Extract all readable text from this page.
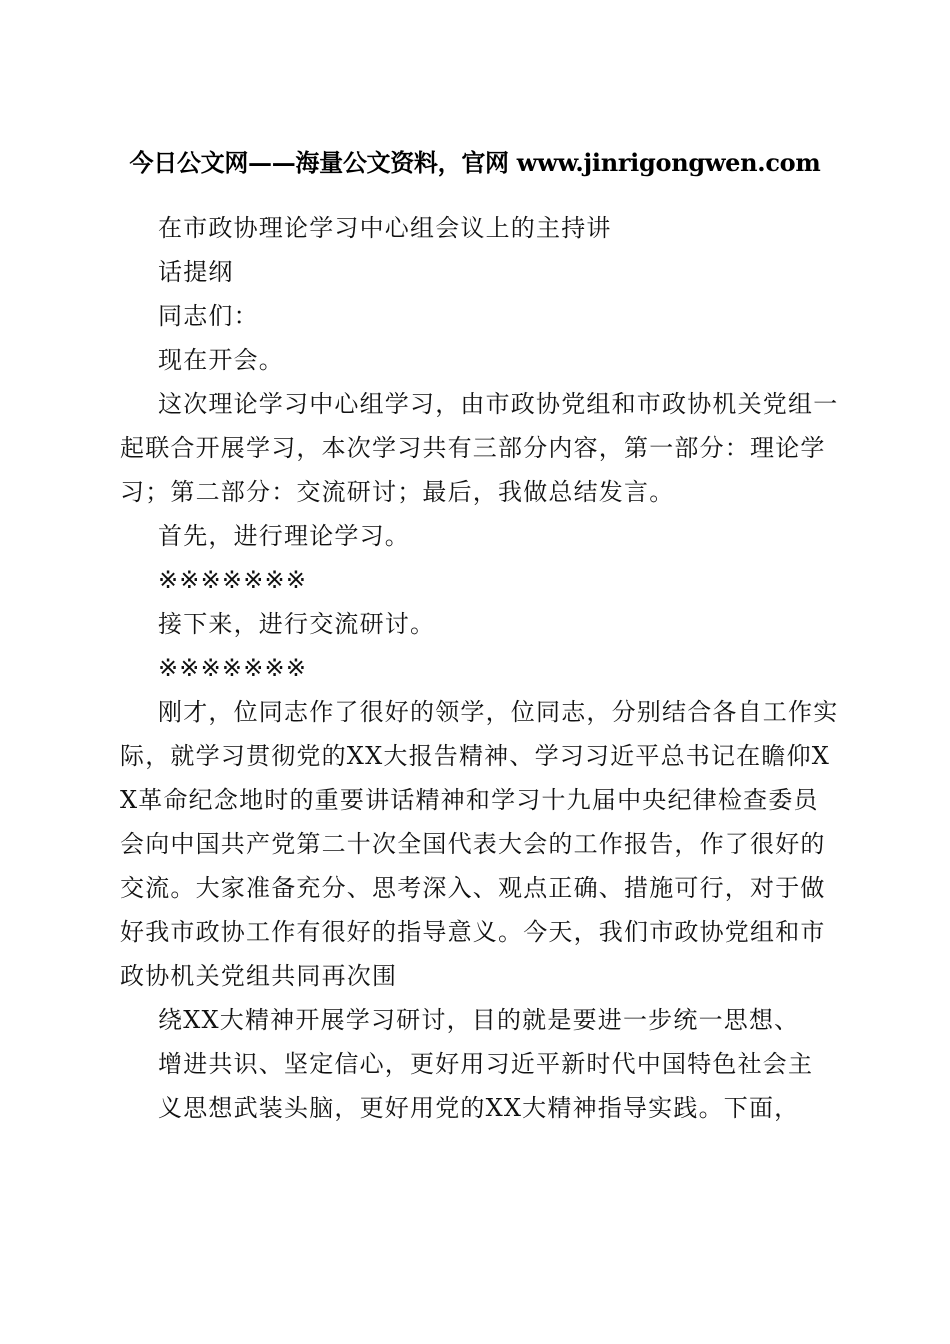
今日公文网——海量公文资料，官网 www.jinrigongwen.com

在市政协理论学习中心组会议上的主持讲

话提纲

同志们：

现在开会。

这次理论学习中心组学习，由市政协党组和市政协机关党组一起联合开展学习，本次学习共有三部分内容，第一部分：理论学习；第二部分：交流研讨；最后，我做总结发言。

首先，进行理论学习。

※※※※※※※

接下来，进行交流研讨。

※※※※※※※

刚才，位同志作了很好的领学，位同志，分别结合各自工作实际，就学习贯彻党的XX大报告精神、学习习近平总书记在瞻仰XX革命纪念地时的重要讲话精神和学习十九届中央纪律检查委员会向中国共产党第二十次全国代表大会的工作报告，作了很好的交流。大家准备充分、思考深入、观点正确、措施可行，对于做好我市政协工作有很好的指导意义。今天，我们市政协党组和市政协机关党组共同再次围

绕XX大精神开展学习研讨，目的就是要进一步统一思想、

增进共识、坚定信心，更好用习近平新时代中国特色社会主

义思想武装头脑，更好用党的XX大精神指导实践。下面，
